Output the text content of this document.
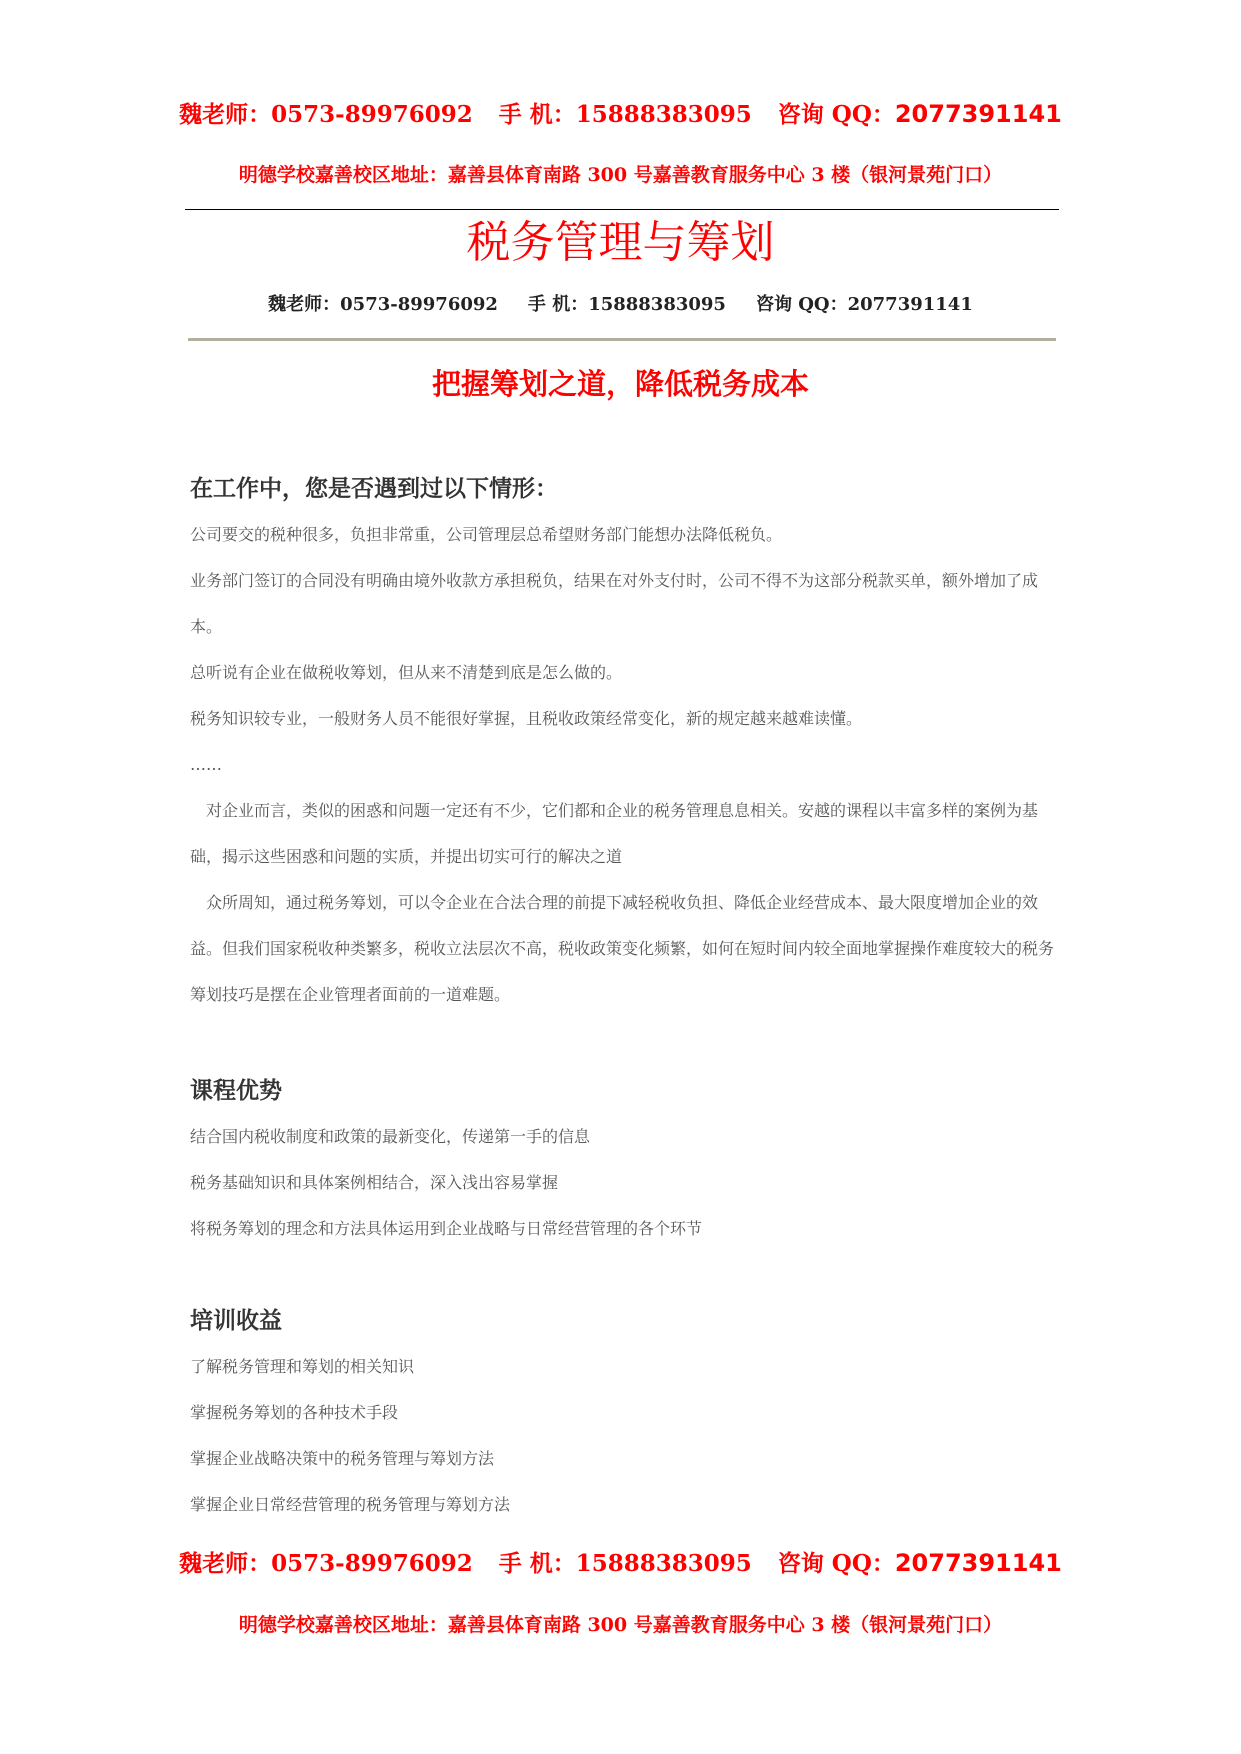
魏老师：0573-89976092 手 机：15888383095 咨询 QQ：2077391141
明德学校嘉善校区地址：嘉善县体育南路 300 号嘉善教育服务中心 3 楼（银河景苑门口）
税务管理与筹划
魏老师：0573-89976092 手 机：15888383095 咨询 QQ：2077391141
把握筹划之道，降低税务成本
在工作中，您是否遇到过以下情形：

公司要交的税种很多，负担非常重，公司管理层总希望财务部门能想办法降低税负。

业务部门签订的合同没有明确由境外收款方承担税负，结果在对外支付时，公司不得不为这部分税款买单，额外增加了成本。

总听说有企业在做税收筹划，但从来不清楚到底是怎么做的。

税务知识较专业，一般财务人员不能很好掌握，且税收政策经常变化，新的规定越来越难读懂。

……

对企业而言，类似的困惑和问题一定还有不少，它们都和企业的税务管理息息相关。安越的课程以丰富多样的案例为基础，揭示这些困惑和问题的实质，并提出切实可行的解决之道

众所周知，通过税务筹划，可以令企业在合法合理的前提下减轻税收负担、降低企业经营成本、最大限度增加企业的效益。但我们国家税收种类繁多，税收立法层次不高，税收政策变化频繁，如何在短时间内较全面地掌握操作难度较大的税务筹划技巧是摆在企业管理者面前的一道难题。

课程优势

结合国内税收制度和政策的最新变化，传递第一手的信息

税务基础知识和具体案例相结合，深入浅出容易掌握

将税务筹划的理念和方法具体运用到企业战略与日常经营管理的各个环节

培训收益

了解税务管理和筹划的相关知识

掌握税务筹划的各种技术手段

掌握企业战略决策中的税务管理与筹划方法

掌握企业日常经营管理的税务管理与筹划方法

魏老师：0573-89976092 手 机：15888383095 咨询 QQ：2077391141
明德学校嘉善校区地址：嘉善县体育南路 300 号嘉善教育服务中心 3 楼（银河景苑门口）
